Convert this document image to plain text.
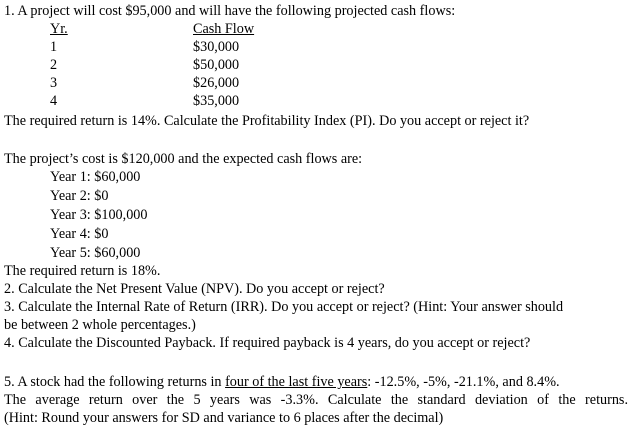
1. A project will cost $95,000 and will have the following projected cash flows:
Yr.	Cash Flow
1	$30,000
2	$50,000
3	$26,000
4	$35,000
The required return is 14%. Calculate the Profitability Index (PI). Do you accept or reject it?
The project’s cost is $120,000 and the expected cash flows are:
Year 1: $60,000
Year 2: $0
Year 3: $100,000
Year 4: $0
Year 5: $60,000
The required return is 18%.
2. Calculate the Net Present Value (NPV). Do you accept or reject?
3. Calculate the Internal Rate of Return (IRR). Do you accept or reject? (Hint: Your answer should
be between 2 whole percentages.)
4. Calculate the Discounted Payback. If required payback is 4 years, do you accept or reject?
5. A stock had the following returns in four of the last five years: -12.5%, -5%, -21.1%, and 8.4%.
The average return over the 5 years was -3.3%. Calculate the standard deviation of the returns.
(Hint: Round your answers for SD and variance to 6 places after the decimal)
